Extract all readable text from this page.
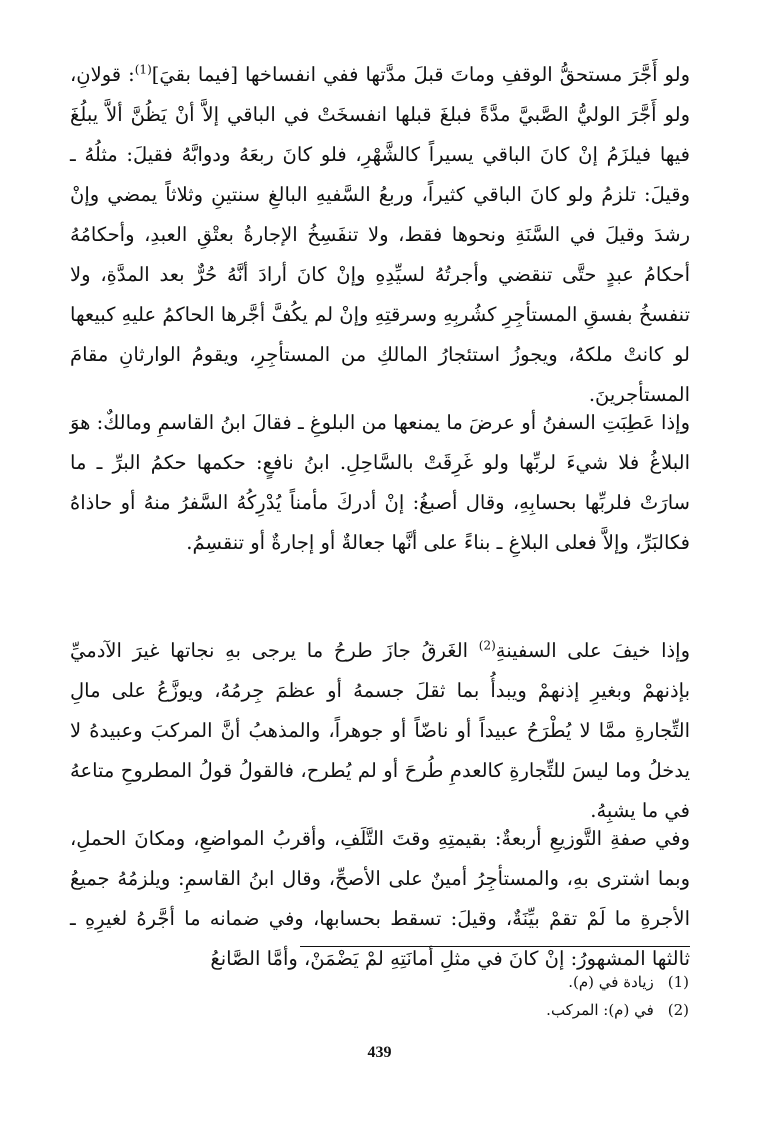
ولو أَجَّرَ مستحقُّ الوقفِ وماتَ قبلَ مدَّتها ففي انفساخها [فيما بقيَ]$^{(1)}$: قولانِ، ولو أَجَّرَ الوليُّ الصَّبيَّ مدَّةً فبلغَ قبلها انفسخَتْ في الباقي إلاَّ أنْ يَظُنَّ ألاَّ يبلُغَ فيها فيلزَمُ إنْ كانَ الباقي يسيراً كالشَّهْرِ، فلو كانَ ربعَهُ ودوابَّهُ فقيلَ: مثلُهُ ـ وقيلَ: تلزمُ ولو كانَ الباقي كثيراً، وربعُ السَّفيهِ البالغِ سنتينِ وثلاثاً يمضي وإنْ رشدَ وقيلَ في السَّنَةِ ونحوها فقط، ولا تنفَسِخُ الإجارةُ بعتْقِ العبدِ، وأحكامُهُ أحكامُ عبدٍ حتَّى تنقضي وأجرتُهُ لسيِّدِهِ وإنْ كانَ أرادَ أنَّهُ حُرٌّ بعد المدَّةِ، ولا تنفسخُ بفسقِ المستأجِرِ كشُربِهِ وسرقتِهِ وإنْ لم يكُفَّ أجَّرها الحاكمُ عليهِ كبيعها لو كانتْ ملكهُ، ويجوزُ استئجارُ المالكِ من المستأجِرِ، ويقومُ الوارثانِ مقامَ المستأجرينَ.

وإذا عَطِبَتِ السفنُ أو عرضَ ما يمنعها من البلوغِ ـ فقالَ ابنُ القاسمِ ومالكٌ: هوَ البلاغُ فلا شيءَ لربِّها ولو غَرِقَتْ بالسَّاحِلِ. ابنُ نافعٍ: حكمها حكمُ البرِّ ـ ما سارَتْ فلربِّها بحسابِهِ، وقال أصبغُ: إنْ أدركَ مأمناً يُدْرِكُهُ السَّفرُ منهُ أو حاذاهُ فكالبَرِّ، وإلاَّ فعلى البلاغِ ـ بناءً على أنَّها جعالةٌ أو إجارةٌ أو تنقسِمُ.

وإذا خيفَ على السفينةِ$^{(2)}$ الغَرقُ جازَ طرحُ ما يرجى بهِ نجاتها غيرَ الآدميِّ بإذنهمْ وبغيرِ إذنهمْ ويبدأُ بما ثقلَ جسمهُ أو عظمَ جِرمُهُ، ويوزَّعُ على مالِ التِّجارةِ ممَّا لا يُطْرَحُ عبيداً أو ناضّاً أو جوهراً، والمذهبُ أنَّ المركبَ وعبيدهُ لا يدخلُ وما ليسَ للتِّجارةِ كالعدمِ طُرحَ أو لم يُطرح، فالقولُ قولُ المطروحِ متاعهُ في ما يشبِهُ.

وفي صفةِ التَّوزيعِ أربعةٌ: بقيمتِهِ وقتَ التَّلَفِ، وأقربُ المواضعِ، ومكانَ الحملِ، وبما اشترى بهِ، والمستأجِرُ أمينٌ على الأصحِّ، وقال ابنُ القاسمِ: ويلزمُهُ جميعُ الأجرةِ ما لَمْ تقمْ بيِّنَةٌ، وقيلَ: تسقط بحسابها، وفي ضمانه ما أجَّرهُ لغيرِهِ ـ ثالثها المشهورُ: إنْ كانَ في مثلِ أمانَتِهِ لمْ يَضْمَنْ، وأمَّا الصَّانعُ

(1)
زيادة في (م).
(2)
في (م): المركب.
439
